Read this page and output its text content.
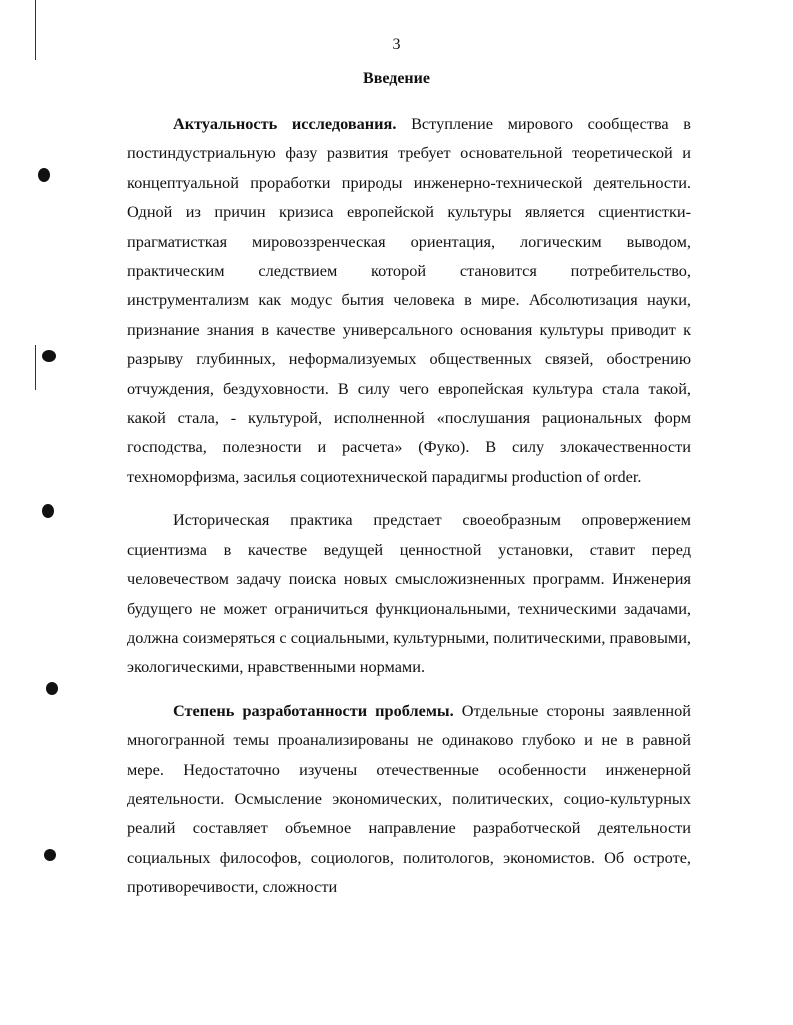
3
Введение

Актуальность исследования. Вступление мирового сообщества в постиндустриальную фазу развития требует основательной теоретической и концептуальной проработки природы инженерно-технической деятельности. Одной из причин кризиса европейской культуры является сциентистки-прагматисткая мировоззренческая ориентация, логическим выводом, практическим следствием которой становится потребительство, инструментализм как модус бытия человека в мире. Абсолютизация науки, признание знания в качестве универсального основания культуры приводит к разрыву глубинных, неформализуемых общественных связей, обострению отчуждения, бездуховности. В силу чего европейская культура стала такой, какой стала, - культурой, исполненной «послушания рациональных форм господства, полезности и расчета» (Фуко). В силу злокачественности техноморфизма, засилья социотехнической парадигмы production of order.

Историческая практика предстает своеобразным опровержением сциентизма в качестве ведущей ценностной установки, ставит перед человечеством задачу поиска новых смысложизненных программ. Инженерия будущего не может ограничиться функциональными, техническими задачами, должна соизмеряться с социальными, культурными, политическими, правовыми, экологическими, нравственными нормами.

Степень разработанности проблемы. Отдельные стороны заявленной многогранной темы проанализированы не одинаково глубоко и не в равной мере. Недостаточно изучены отечественные особенности инженерной деятельности. Осмысление экономических, политических, социо-культурных реалий составляет объемное направление разработческой деятельности социальных философов, социологов, политологов, экономистов. Об остроте, противоречивости, сложности
